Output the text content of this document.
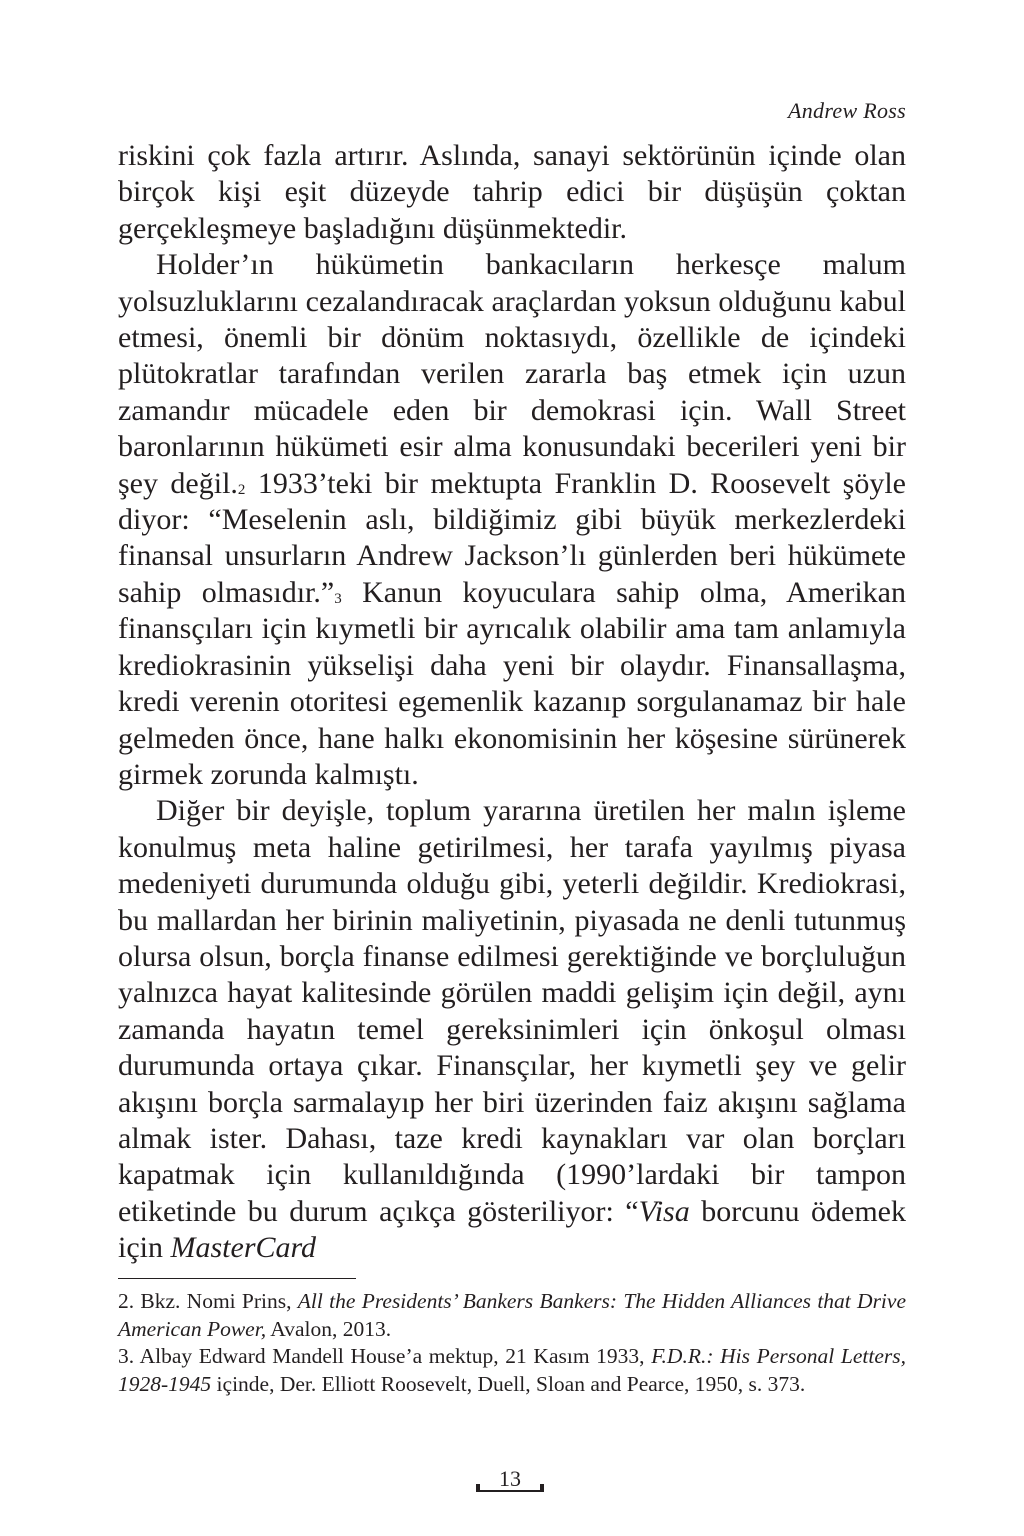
Andrew Ross

riskini çok fazla artırır. Aslında, sanayi sektörünün içinde olan birçok kişi eşit düzeyde tahrip edici bir düşüşün çoktan gerçekleşmeye başladığını düşünmektedir.

Holder’ın hükümetin bankacıların herkesçe malum yolsuzluklarını cezalandıracak araçlardan yoksun olduğunu kabul etmesi, önemli bir dönüm noktasıydı, özellikle de içindeki plütokratlar tarafından verilen zararla baş etmek için uzun zamandır mücadele eden bir demokrasi için. Wall Street baronlarının hükümeti esir alma konusundaki becerileri yeni bir şey değil.$^2$ 1933’teki bir mektupta Franklin D. Roosevelt şöyle diyor: “Meselenin aslı, bildiğimiz gibi büyük merkezlerdeki finansal unsurların Andrew Jackson’lı günlerden beri hükümete sahip olmasıdır.”$^3$ Kanun koyuculara sahip olma, Amerikan finansçıları için kıymetli bir ayrıcalık olabilir ama tam anlamıyla krediokrasinin yükselişi daha yeni bir olaydır. Finansallaşma, kredi verenin otoritesi egemenlik kazanıp sorgulanamaz bir hale gelmeden önce, hane halkı ekonomisinin her köşesine sürünerek girmek zorunda kalmıştı.

Diğer bir deyişle, toplum yararına üretilen her malın işleme konulmuş meta haline getirilmesi, her tarafa yayılmış piyasa medeniyeti durumunda olduğu gibi, yeterli değildir. Krediokrasi, bu mallardan her birinin maliyetinin, piyasada ne denli tutunmuş olursa olsun, borçla finanse edilmesi gerektiğinde ve borçluluğun yalnızca hayat kalitesinde görülen maddi gelişim için değil, aynı zamanda hayatın temel gereksinimleri için önkoşul olması durumunda ortaya çıkar. Finansçılar, her kıymetli şey ve gelir akışını borçla sarmalayıp her biri üzerinden faiz akışını sağlama almak ister. Dahası, taze kredi kaynakları var olan borçları kapatmak için kullanıldığında (1990’lardaki bir tampon etiketinde bu durum açıkça gösteriliyor: “Visa borcunu ödemek için MasterCard

2. Bkz. Nomi Prins, All the Presidents’ Bankers Bankers: The Hidden Alliances that Drive American Power, Avalon, 2013.

3. Albay Edward Mandell House’a mektup, 21 Kasım 1933, F.D.R.: His Personal Letters, 1928-1945 içinde, Der. Elliott Roosevelt, Duell, Sloan and Pearce, 1950, s. 373.

13
